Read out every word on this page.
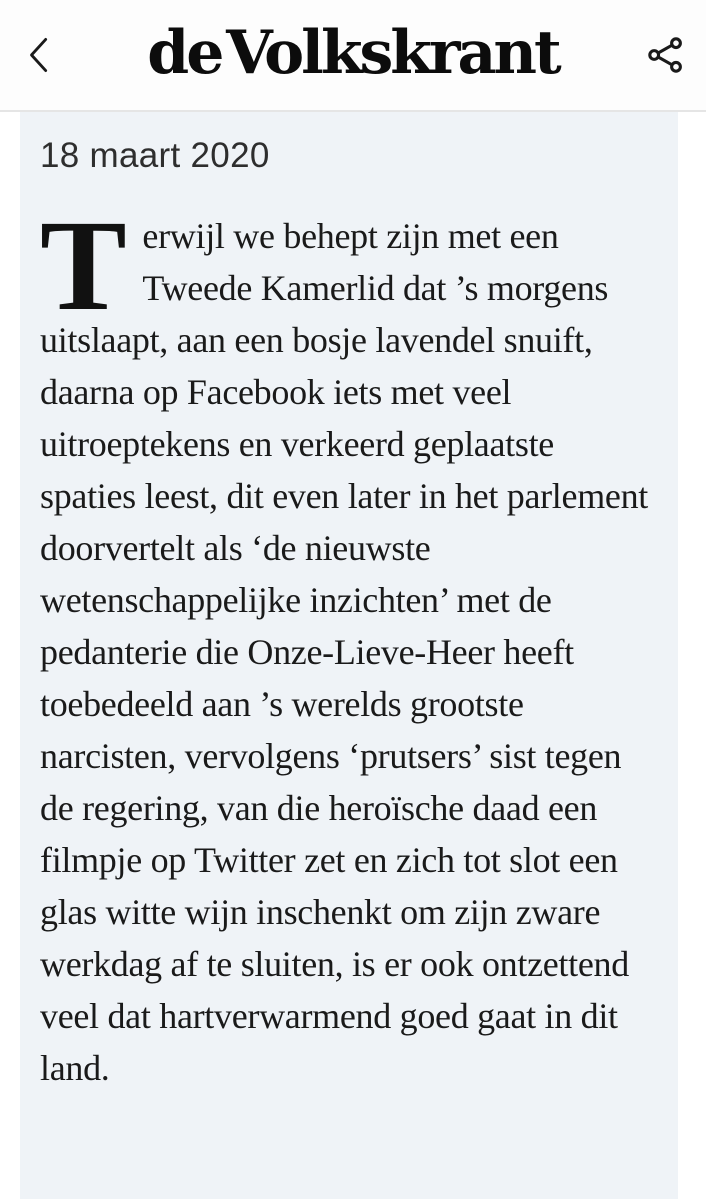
de Volkskrant
18 maart 2020

Terwijl we behept zijn met een Tweede Kamerlid dat ’s morgens uitslaapt, aan een bosje lavendel snuift, daarna op Facebook iets met veel uitroeptekens en verkeerd geplaatste spaties leest, dit even later in het parlement doorvertelt als ‘de nieuwste wetenschappelijke inzichten’ met de pedanterie die Onze-Lieve-Heer heeft toebedeeld aan ’s werelds grootste narcisten, vervolgens ‘prutsers’ sist tegen de regering, van die heroïsche daad een filmpje op Twitter zet en zich tot slot een glas witte wijn inschenkt om zijn zware werkdag af te sluiten, is er ook ontzettend veel dat hartverwarmend goed gaat in dit land.
